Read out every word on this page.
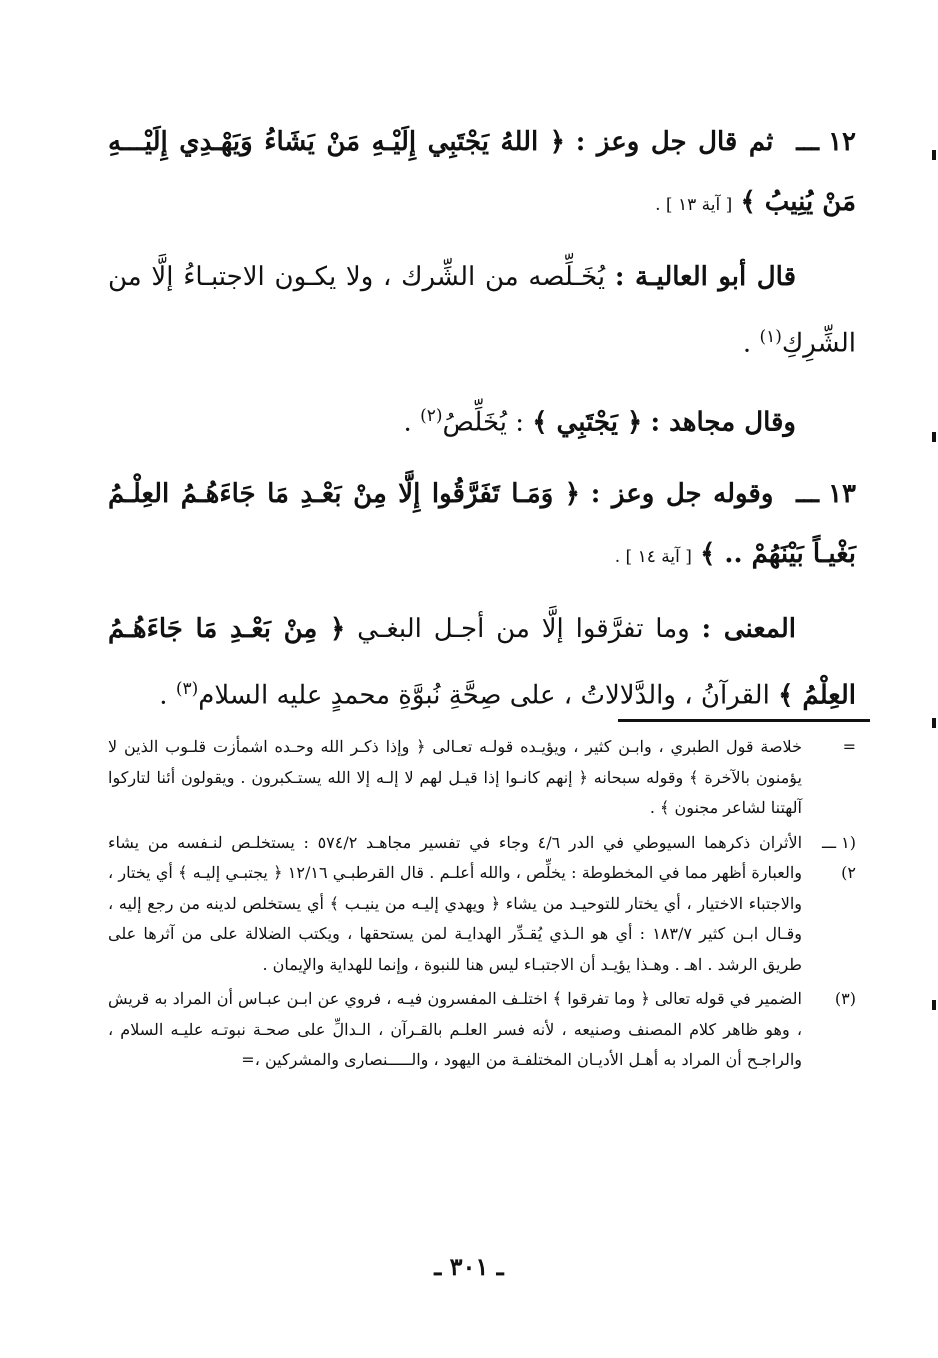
١٢ ـــ ثم قال جل وعز : ﴿ اللهُ يَجْتَبِي إِلَيْـهِ مَنْ يَشَاءُ وَيَهْـدِي إِلَيْـــهِ مَنْ يُنِيبُ ﴾ [ آية ١٣ ] .

قال أبو العاليـة : يُخَـلِّصه من الشِّرك ، ولا يكـون الاجتبـاءُ إلَّا من الشِّرِكِ$^{(١)}$ .

وقال مجاهد : ﴿ يَجْتَبِي ﴾ : يُخَلِّصُ$^{(٢)}$ .

١٣ ـــ وقوله جل وعز : ﴿ وَمَـا تَفَرَّقُوا إِلَّا مِنْ بَعْـدِ مَا جَاءَهُـمُ العِلْـمُ بَغْيـاً بَيْنَهُمْ .. ﴾ [ آية ١٤ ] .

المعنى : وما تفرَّقوا إلَّا من أجـل البغـي ﴿ مِنْ بَعْـدِ مَا جَاءَهُـمُ العِلْمُ ﴾ القرآنُ ، والدَّلالاتُ ، على صِحَّةِ نُبوَّةِ محمدٍ عليه السلام$^{(٣)}$ .

=
خلاصة قول الطبري ، وابـن كثير ، ويؤيـده قولـه تعـالى ﴿ وإذا ذكـر الله وحـده اشمأزت قلـوب الذين لا يؤمنون بالآخرة ﴾ وقوله سبحانه ﴿ إنهم كانـوا إذا قيـل لهم لا إلـه إلا الله يستـكبرون . ويقولون أئنا لتاركوا آلهتنا لشاعر مجنون ﴾ .

(١ ـــ ٢)
الأثران ذكرهما السيوطي في الدر ٤/٦ وجاء في تفسير مجاهـد ٥٧٤/٢ : يستخلـص لنـفسه من يشاء والعبارة أظهر مما في المخطوطة : يخلِّص ، والله أعلـم . قال القرطبـي ١٢/١٦ ﴿ يجتبـي إليـه ﴾ أي يختار ، والاجتباء الاختيار ، أي يختار للتوحيـد من يشاء ﴿ ويهدي إليـه من ينيـب ﴾ أي يستخلص لدينه من رجع إليه ، وقـال ابـن كثير ١٨٣/٧ : أي هو الـذي يُقـدِّر الهدايـة لمن يستحقها ، ويكتب الضلالة على من آثرها على طريق الرشد . اهـ . وهـذا يؤيـد أن الاجتبـاء ليس هنا للنبوة ، وإنما للهداية والإيمان .

(٣)
الضمير في قوله تعالى ﴿ وما تفرقوا ﴾ اختلـف المفسرون فيـه ، فروي عن ابـن عبـاس أن المراد به قريش ، وهو ظاهر كلام المصنف وصنيعه ، لأنه فسر العلـم بالقـرآن ، الـدالِّ على صحـة نبوتـه عليـه السلام ، والراجـح أن المراد به أهـل الأديـان المختلفـة من اليهود ، والـــــنصارى والمشركين ،=

ـ ٣٠١ ـ
